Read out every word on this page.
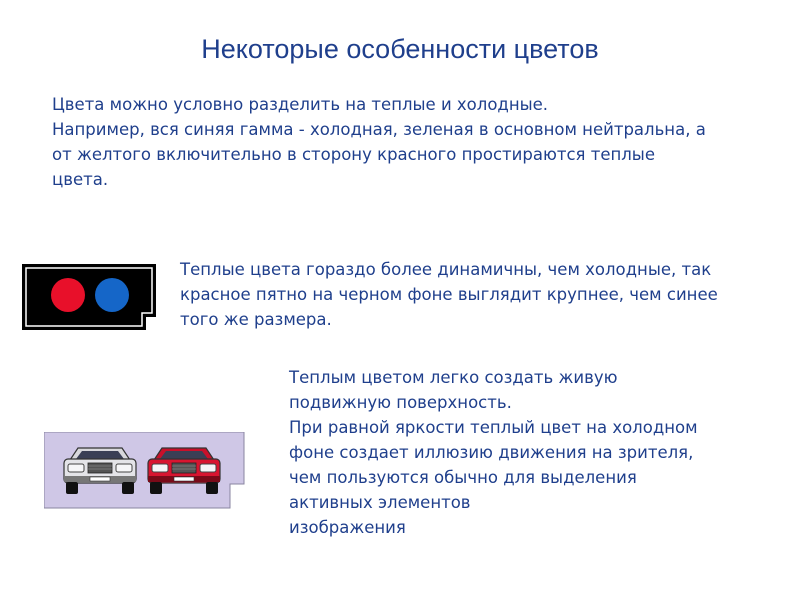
Некоторые особенности цветов
Цвета можно условно разделить на теплые и холодные.
Например, вся синяя гамма - холодная, зеленая в основном нейтральна, а
от желтого включительно в сторону красного простираются теплые
цвета.
Теплые цвета гораздо более динамичны, чем холодные, так
красное пятно на черном фоне выглядит крупнее, чем синее
того же размера.
Теплым цветом легко создать живую
подвижную поверхность.
При равной яркости теплый цвет на холодном
фоне создает иллюзию движения на зрителя,
чем пользуются обычно для выделения
активных элементов
изображения
